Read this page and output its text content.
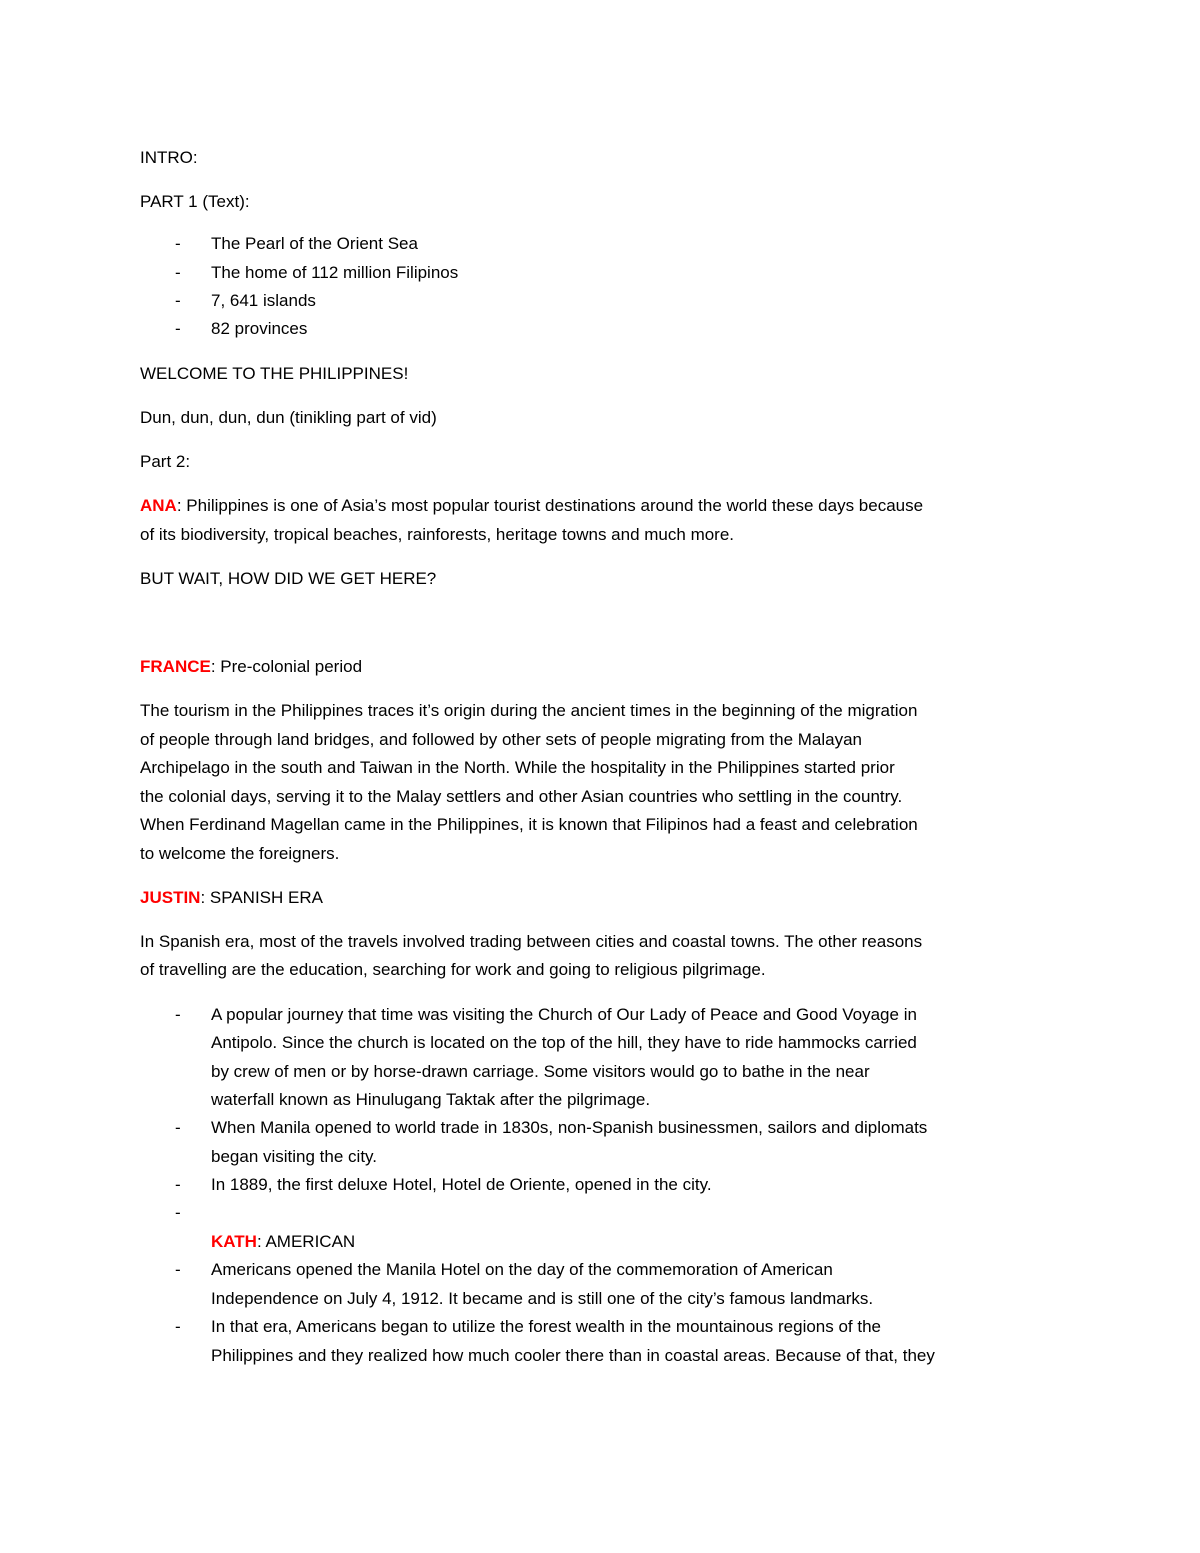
INTRO:
PART 1 (Text):
- The Pearl of the Orient Sea
- The home of 112 million Filipinos
- 7, 641 islands
- 82 provinces
WELCOME TO THE PHILIPPINES!
Dun, dun, dun, dun (tinikling part of vid)
Part 2:
ANA: Philippines is one of Asia’s most popular tourist destinations around the world these days because
of its biodiversity, tropical beaches, rainforests, heritage towns and much more.
BUT WAIT, HOW DID WE GET HERE?
FRANCE: Pre-colonial period
The tourism in the Philippines traces it’s origin during the ancient times in the beginning of the migration
of people through land bridges, and followed by other sets of people migrating from the Malayan
Archipelago in the south and Taiwan in the North. While the hospitality in the Philippines started prior
the colonial days, serving it to the Malay settlers and other Asian countries who settling in the country.
When Ferdinand Magellan came in the Philippines, it is known that Filipinos had a feast and celebration
to welcome the foreigners.
JUSTIN: SPANISH ERA
In Spanish era, most of the travels involved trading between cities and coastal towns. The other reasons
of travelling are the education, searching for work and going to religious pilgrimage.
- A popular journey that time was visiting the Church of Our Lady of Peace and Good Voyage in
Antipolo. Since the church is located on the top of the hill, they have to ride hammocks carried
by crew of men or by horse-drawn carriage. Some visitors would go to bathe in the near
waterfall known as Hinulugang Taktak after the pilgrimage.
- When Manila opened to world trade in 1830s, non-Spanish businessmen, sailors and diplomats
began visiting the city.
- In 1889, the first deluxe Hotel, Hotel de Oriente, opened in the city.
-
KATH: AMERICAN
- Americans opened the Manila Hotel on the day of the commemoration of American
Independence on July 4, 1912. It became and is still one of the city’s famous landmarks.
- In that era, Americans began to utilize the forest wealth in the mountainous regions of the
Philippines and they realized how much cooler there than in coastal areas. Because of that, they
